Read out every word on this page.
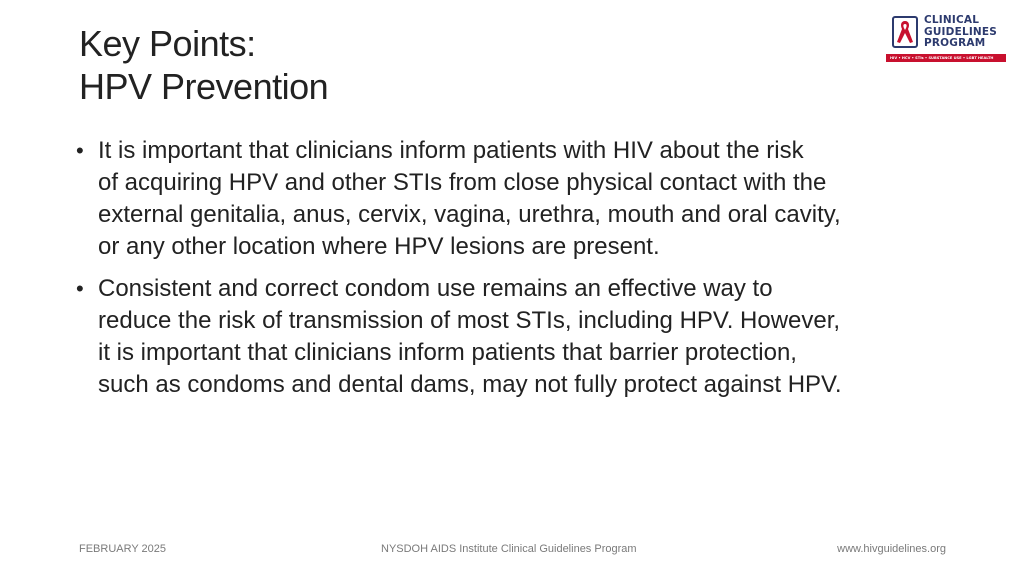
Key Points:
HPV Prevention
CLINICAL
GUIDELINES
PROGRAM
HIV • HCV • STIs • SUBSTANCE USE • LGBT HEALTH
• It is important that clinicians inform patients with HIV about the risk
of acquiring HPV and other STIs from close physical contact with the
external genitalia, anus, cervix, vagina, urethra, mouth and oral cavity,
or any other location where HPV lesions are present.
• Consistent and correct condom use remains an effective way to
reduce the risk of transmission of most STIs, including HPV. However,
it is important that clinicians inform patients that barrier protection,
such as condoms and dental dams, may not fully protect against HPV.
FEBRUARY 2025	NYSDOH AIDS Institute Clinical Guidelines Program	www.hivguidelines.org
